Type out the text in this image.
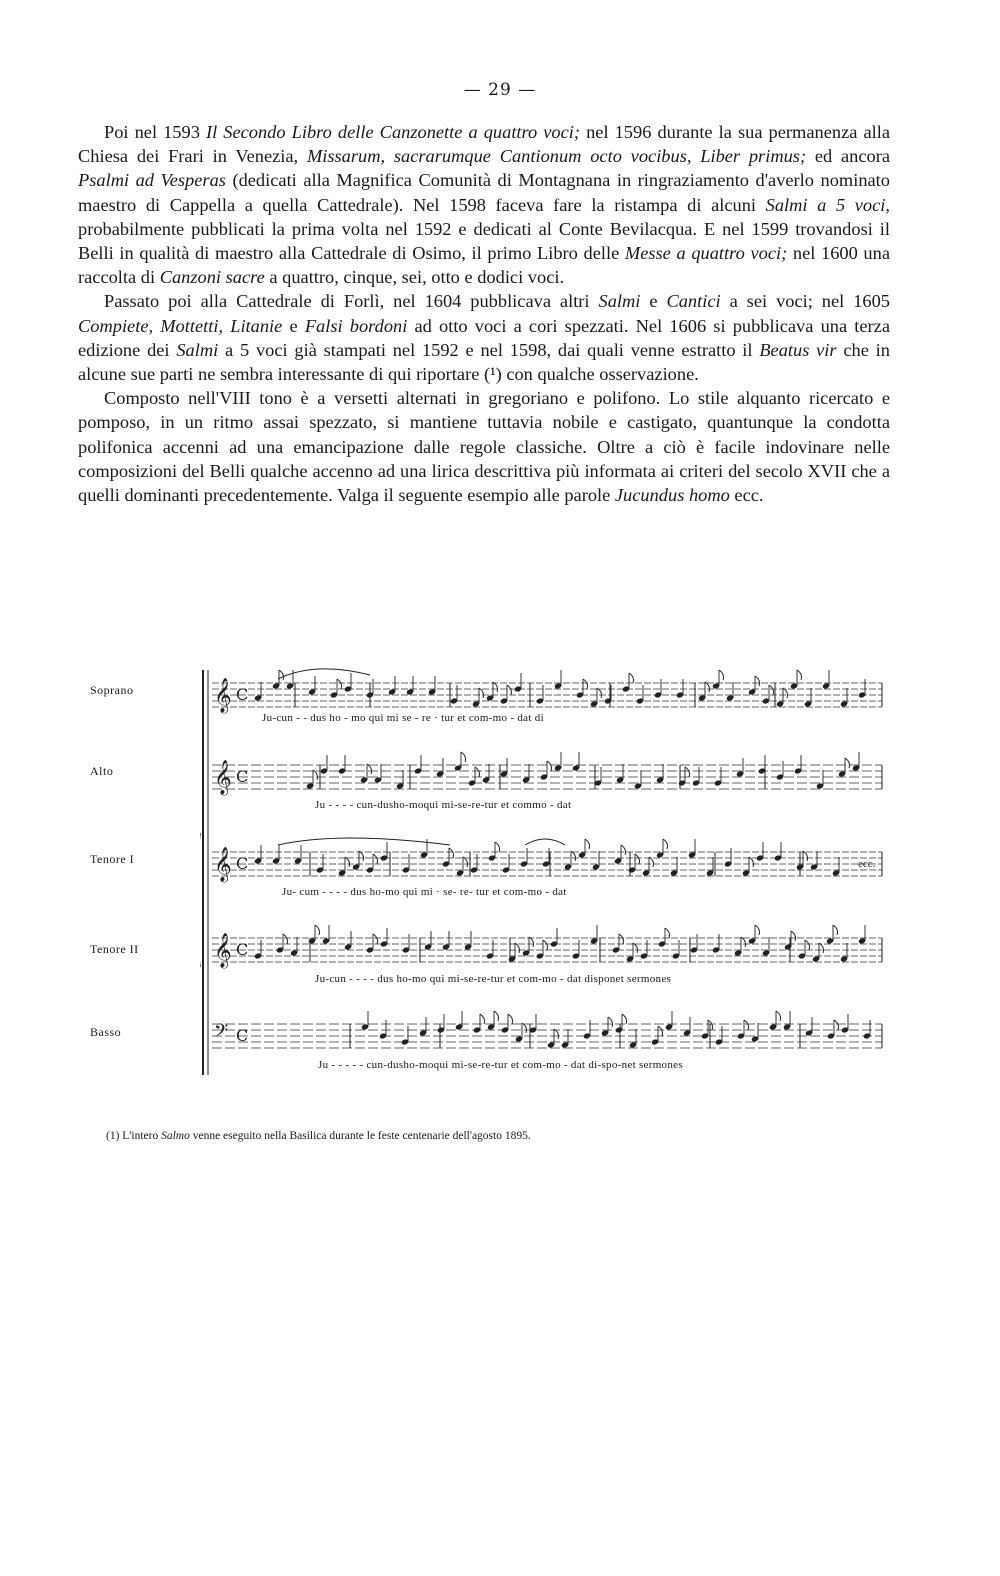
— 29 —

Poi nel 1593 Il Secondo Libro delle Canzonette a quattro voci; nel 1596 durante la sua permanenza alla Chiesa dei Frari in Venezia, Missarum, sacrarumque Cantionum octo vocibus, Liber primus; ed ancora Psalmi ad Vesperas (dedicati alla Magnifica Comunità di Montagnana in ringraziamento d'averlo nominato maestro di Cappella a quella Cattedrale). Nel 1598 faceva fare la ristampa di alcuni Salmi a 5 voci, probabilmente pubblicati la prima volta nel 1592 e dedicati al Conte Bevilacqua. E nel 1599 trovandosi il Belli in qualità di maestro alla Cattedrale di Osimo, il primo Libro delle Messe a quattro voci; nel 1600 una raccolta di Canzoni sacre a quattro, cinque, sei, otto e dodici voci.

Passato poi alla Cattedrale di Forlì, nel 1604 pubblicava altri Salmi e Cantici a sei voci; nel 1605 Compiete, Mottetti, Litanie e Falsi bordoni ad otto voci a cori spezzati. Nel 1606 si pubblicava una terza edizione dei Salmi a 5 voci già stampati nel 1592 e nel 1598, dai quali venne estratto il Beatus vir che in alcune sue parti ne sembra interessante di qui riportare (¹) con qualche osservazione.

Composto nell'VIII tono è a versetti alternati in gregoriano e polifono. Lo stile alquanto ricercato e pomposo, in un ritmo assai spezzato, si mantiene tuttavia nobile e castigato, quantunque la condotta polifonica accenni ad una emancipazione dalle regole classiche. Oltre a ciò è facile indovinare nelle composizioni del Belli qualche accenno ad una lirica descrittiva più informata ai criteri del secolo XVII che a quelli dominanti precedentemente. Valga il seguente esempio alle parole Jucundus homo ecc.

Soprano
Alto
Tenore I
Tenore II
Basso
𝄞 C
𝄞 C
𝄞 C
𝄞 C
𝄢 C
Ju-cun - - dus ho - mo qui mi se - re · tur et com-mo - dat di
Ju - - - - cun-dusho-moqui mi-se-re-tur et commo - dat
Ju- cum - - - - dus ho-mo qui mi · se- re- tur et com-mo - dat
Ju-cun - - - - dus ho-mo qui mi-se-re-tur et com-mo - dat disponet sermones
Ju - - - - - cun-dusho-moqui mi-se-re-tur et com-mo - dat di-spo-net sermones
ecc.
(1) L'intero Salmo venne eseguito nella Basilica durante le feste centenarie dell'agosto 1895.
